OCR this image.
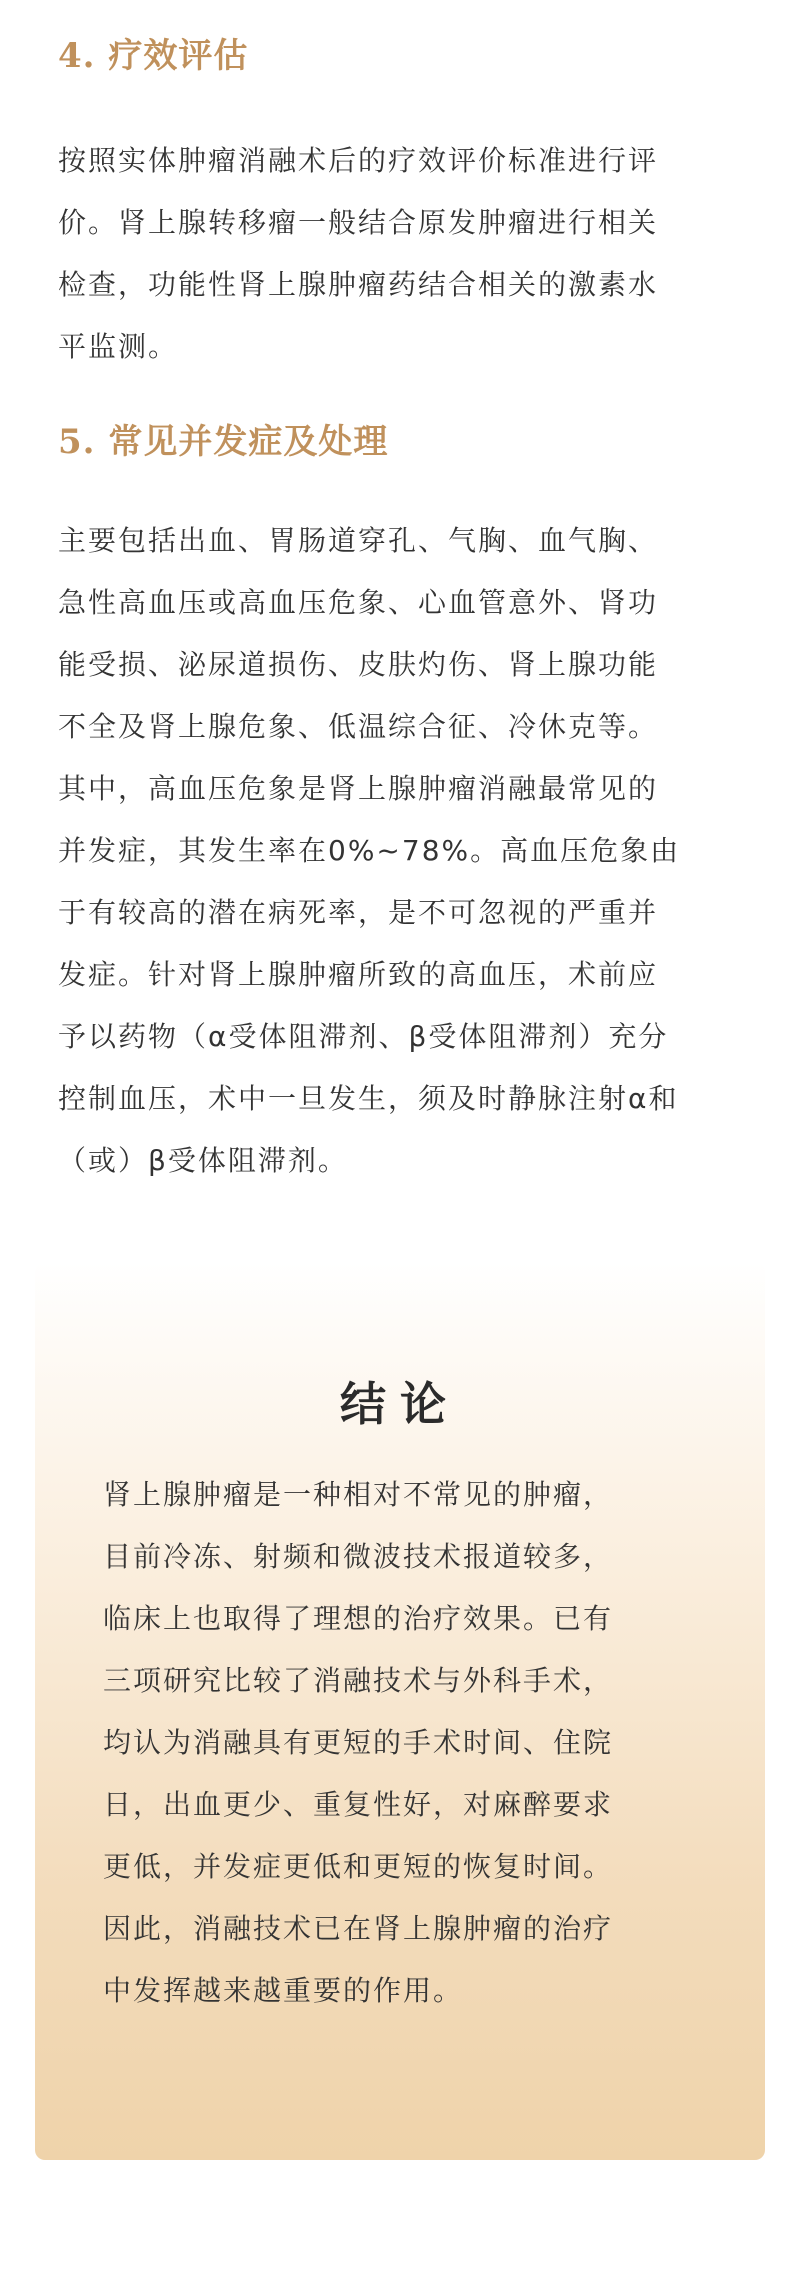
4. 疗效评估

按照实体肿瘤消融术后的疗效评价标准进行评
价。肾上腺转移瘤一般结合原发肿瘤进行相关
检查，功能性肾上腺肿瘤药结合相关的激素水
平监测。

5. 常见并发症及处理

主要包括出血、胃肠道穿孔、气胸、血气胸、
急性高血压或高血压危象、心血管意外、肾功
能受损、泌尿道损伤、皮肤灼伤、肾上腺功能
不全及肾上腺危象、低温综合征、冷休克等。
其中，高血压危象是肾上腺肿瘤消融最常见的
并发症，其发生率在0%~78%。高血压危象由
于有较高的潜在病死率，是不可忽视的严重并
发症。针对肾上腺肿瘤所致的高血压，术前应
予以药物（α受体阻滞剂、β受体阻滞剂）充分
控制血压，术中一旦发生，须及时静脉注射α和
（或）β受体阻滞剂。

结论

肾上腺肿瘤是一种相对不常见的肿瘤，
目前冷冻、射频和微波技术报道较多，
临床上也取得了理想的治疗效果。已有
三项研究比较了消融技术与外科手术，
均认为消融具有更短的手术时间、住院
日，出血更少、重复性好，对麻醉要求
更低，并发症更低和更短的恢复时间。
因此，消融技术已在肾上腺肿瘤的治疗
中发挥越来越重要的作用。
